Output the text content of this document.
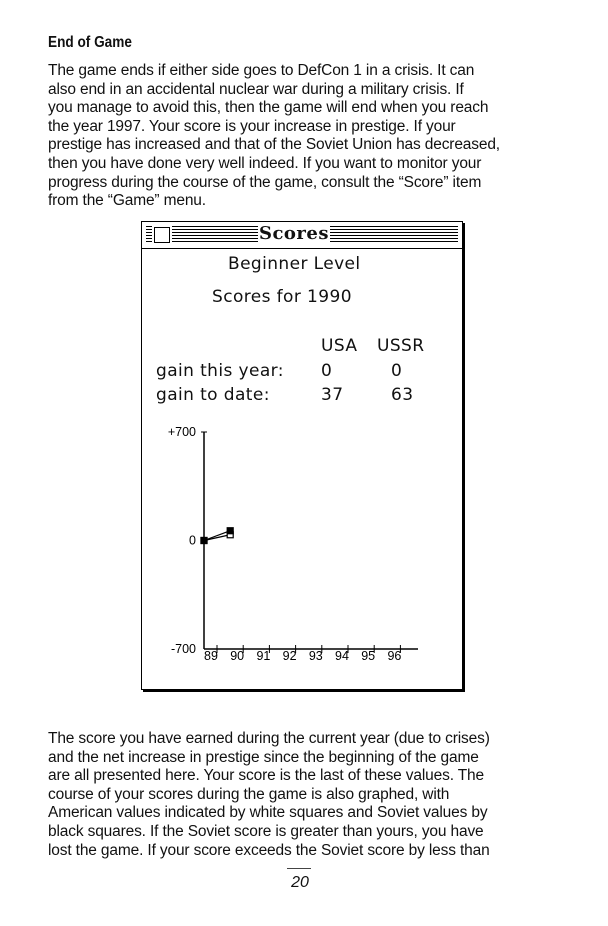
End of Game
The game ends if either side goes to DefCon 1 in a crisis. It can
also end in an accidental nuclear war during a military crisis. If
you manage to avoid this, then the game will end when you reach
the year 1997. Your score is your increase in prestige. If your
prestige has increased and that of the Soviet Union has decreased,
then you have done very well indeed. If you want to monitor your
progress during the course of the game, consult the “Score” item
from the “Game” menu.
Scores
Beginner Level
Scores for 1990
USA USSR
gain this year: 0	0
gain to date:	37	63
+700
0
-700 89 90 91 92 93 94 95 96
The score you have earned during the current year (due to crises)
and the net increase in prestige since the beginning of the game
are all presented here. Your score is the last of these values. The
course of your scores during the game is also graphed, with
American values indicated by white squares and Soviet values by
black squares. If the Soviet score is greater than yours, you have
lost the game. If your score exceeds the Soviet score by less than
20
